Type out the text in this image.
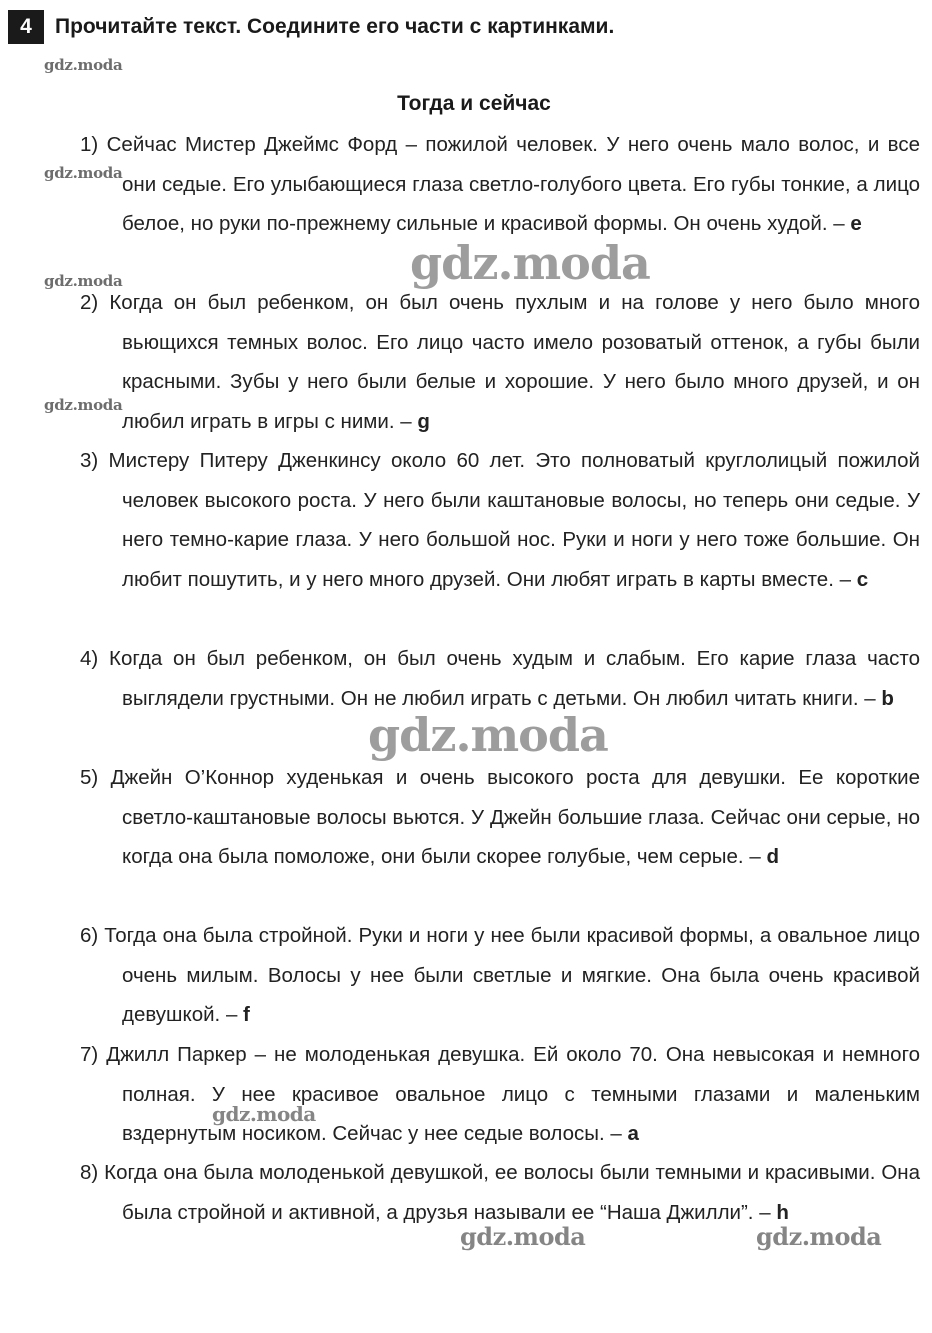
4	Прочитайте текст. Соедините его части с картинками.
Тогда и сейчас
1) Сейчас Мистер Джеймс Форд – пожилой человек. У него очень мало волос, и все они седые. Его улыбающиеся глаза светло-голубого цвета. Его губы тонкие, а лицо белое, но руки по-прежнему сильные и красивой формы. Он очень худой. – e
2) Когда он был ребенком, он был очень пухлым и на голове у него было много вьющихся темных волос. Его лицо часто имело розоватый оттенок, а губы были красными. Зубы у него были белые и хорошие. У него было много друзей, и он любил играть в игры с ними. – g
3) Мистеру Питеру Дженкинсу около 60 лет. Это полноватый круглолицый пожилой человек высокого роста. У него были каштановые волосы, но теперь они седые. У него темно-карие глаза. У него большой нос. Руки и ноги у него тоже большие. Он любит пошутить, и у него много друзей. Они любят играть в карты вместе. – c
4) Когда он был ребенком, он был очень худым и слабым. Его карие глаза часто выглядели грустными. Он не любил играть с детьми. Он любил читать книги. – b
5) Джейн О’Коннор худенькая и очень высокого роста для девушки. Ее короткие светло-каштановые волосы вьются. У Джейн большие глаза. Сейчас они серые, но когда она была помоложе, они были скорее голубые, чем серые. – d
6) Тогда она была стройной. Руки и ноги у нее были красивой формы, а овальное лицо очень милым. Волосы у нее были светлые и мягкие. Она была очень красивой девушкой. – f
7) Джилл Паркер – не молоденькая девушка. Ей около 70. Она невысокая и немного полная. У нее красивое овальное лицо с темными глазами и маленьким вздернутым носиком. Сейчас у нее седые волосы. – a
8) Когда она была молоденькой девушкой, ее волосы были темными и красивыми. Она была стройной и активной, а друзья называли ее “Наша Джилли”. – h
gdz.moda
gdz.moda
gdz.moda
gdz.moda
gdz.moda
gdz.moda
gdz.moda
gdz.moda	gdz.moda
